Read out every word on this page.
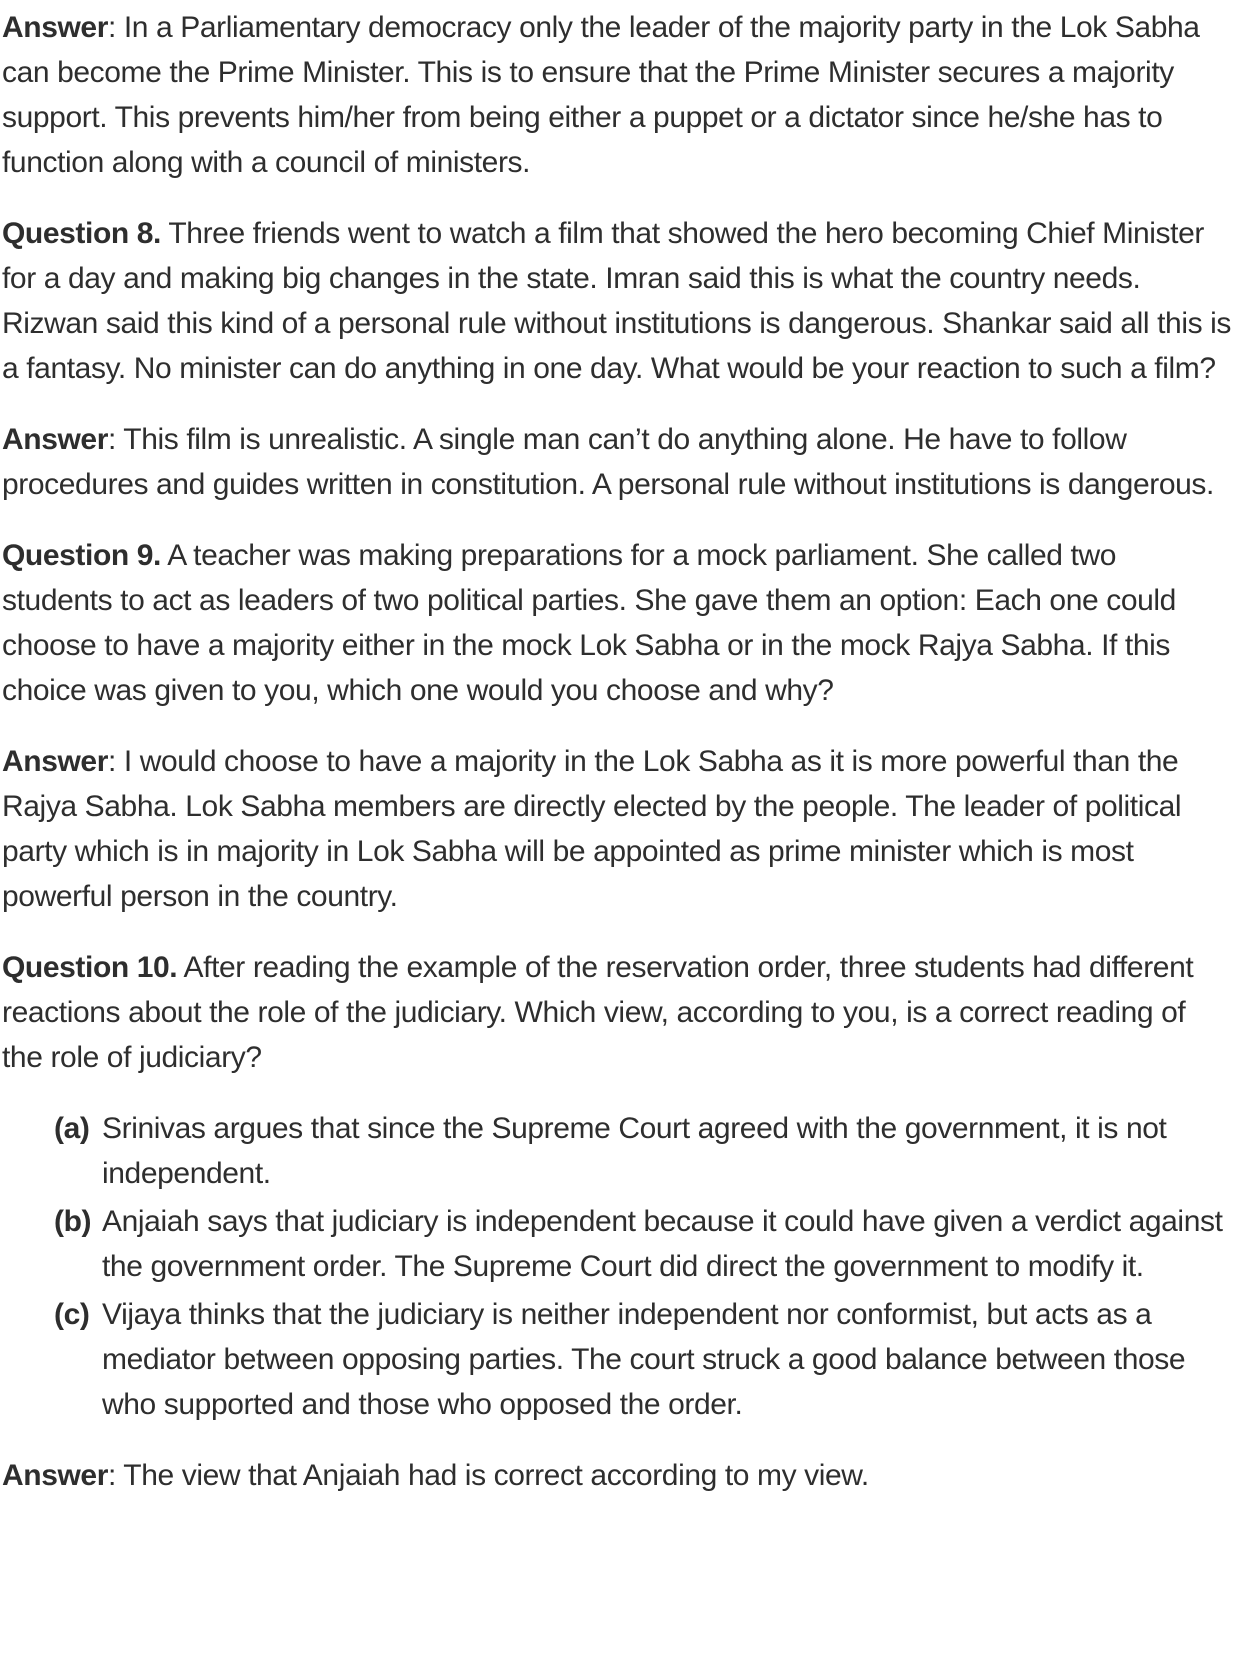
Answer: In a Parliamentary democracy only the leader of the majority party in the Lok Sabha can become the Prime Minister. This is to ensure that the Prime Minister secures a majority support. This prevents him/her from being either a puppet or a dictator since he/she has to function along with a council of ministers.
Question 8. Three friends went to watch a film that showed the hero becoming Chief Minister for a day and making big changes in the state. Imran said this is what the country needs. Rizwan said this kind of a personal rule without institutions is dangerous. Shankar said all this is a fantasy. No minister can do anything in one day. What would be your reaction to such a film?
Answer: This film is unrealistic. A single man can’t do anything alone. He have to follow procedures and guides written in constitution. A personal rule without institutions is dangerous.
Question 9. A teacher was making preparations for a mock parliament. She called two students to act as leaders of two political parties. She gave them an option: Each one could choose to have a majority either in the mock Lok Sabha or in the mock Rajya Sabha. If this choice was given to you, which one would you choose and why?
Answer: I would choose to have a majority in the Lok Sabha as it is more powerful than the Rajya Sabha. Lok Sabha members are directly elected by the people. The leader of political party which is in majority in Lok Sabha will be appointed as prime minister which is most powerful person in the country.
Question 10. After reading the example of the reservation order, three students had different reactions about the role of the judiciary. Which view, according to you, is a correct reading of the role of judiciary?
(a) Srinivas argues that since the Supreme Court agreed with the government, it is not independent.
(b) Anjaiah says that judiciary is independent because it could have given a verdict against the government order. The Supreme Court did direct the government to modify it.
(c) Vijaya thinks that the judiciary is neither independent nor conformist, but acts as a mediator between opposing parties. The court struck a good balance between those who supported and those who opposed the order.
Answer: The view that Anjaiah had is correct according to my view.
